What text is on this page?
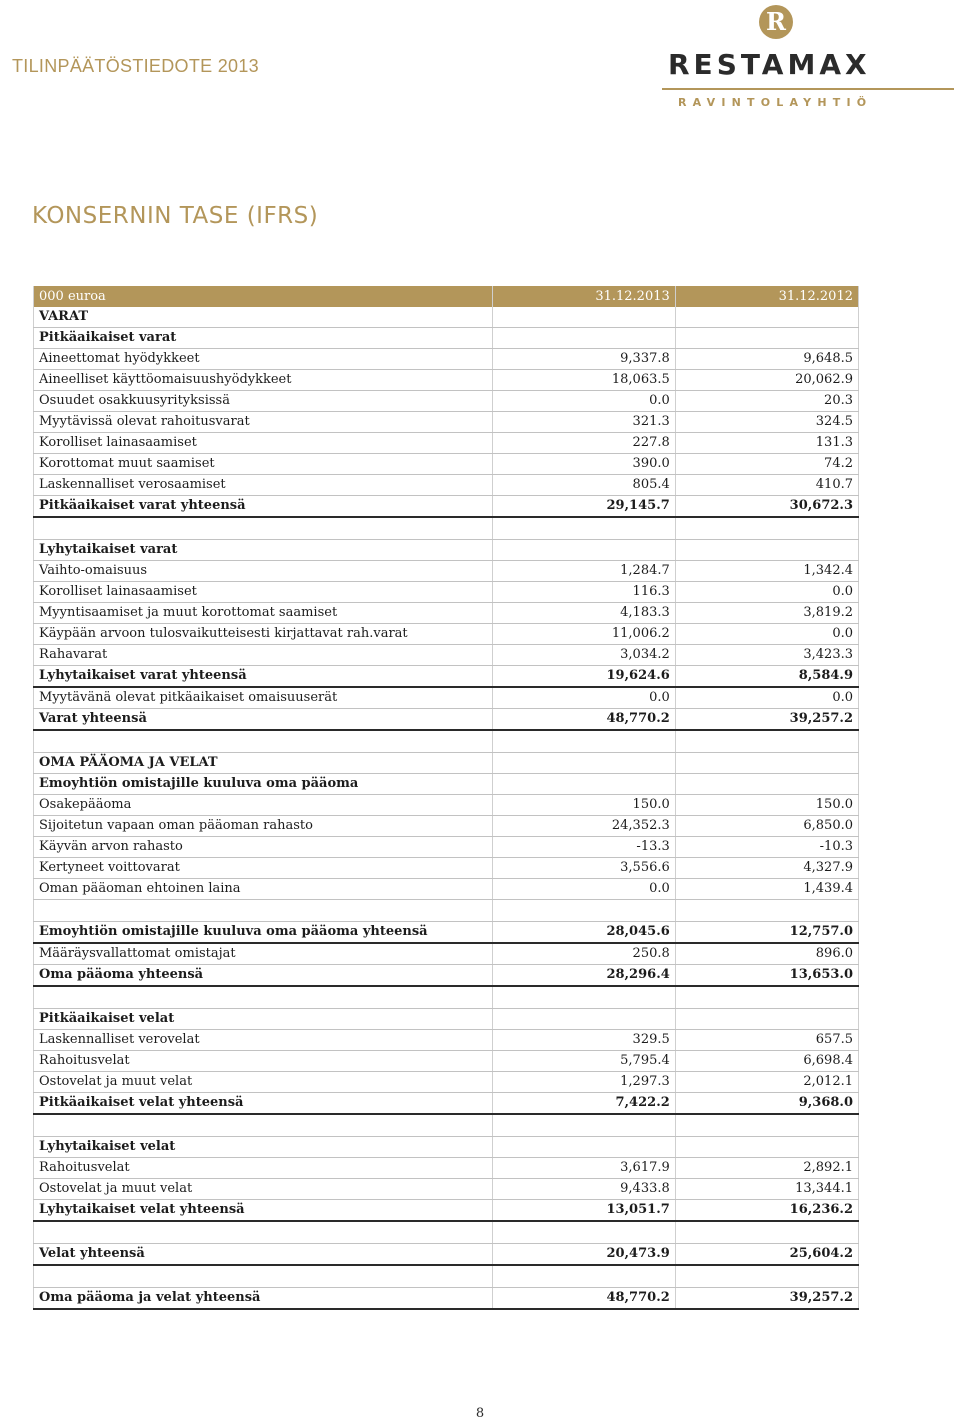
TILINPÄÄTÖSTIEDOTE 2013
R
RESTAMAX
RAVINTOLAYHTIÖ
KONSERNIN TASE (IFRS)
000 euroa	31.12.2013	31.12.2012
VARAT		
Pitkäaikaiset varat		
Aineettomat hyödykkeet	9,337.8	9,648.5
Aineelliset käyttöomaisuushyödykkeet	18,063.5	20,062.9
Osuudet osakkuusyrityksissä	0.0	20.3
Myytävissä olevat rahoitusvarat	321.3	324.5
Korolliset lainasaamiset	227.8	131.3
Korottomat muut saamiset	390.0	74.2
Laskennalliset verosaamiset	805.4	410.7
Pitkäaikaiset varat yhteensä	29,145.7	30,672.3

Lyhytaikaiset varat		
Vaihto-omaisuus	1,284.7	1,342.4
Korolliset lainasaamiset	116.3	0.0
Myyntisaamiset ja muut korottomat saamiset	4,183.3	3,819.2
Käypään arvoon tulosvaikutteisesti kirjattavat rah.varat	11,006.2	0.0
Rahavarat	3,034.2	3,423.3
Lyhytaikaiset varat yhteensä	19,624.6	8,584.9
Myytävänä olevat pitkäaikaiset omaisuuserät	0.0	0.0
Varat yhteensä	48,770.2	39,257.2

OMA PÄÄOMA JA VELAT		
Emoyhtiön omistajille kuuluva oma pääoma		
Osakepääoma	150.0	150.0
Sijoitetun vapaan oman pääoman rahasto	24,352.3	6,850.0
Käyvän arvon rahasto	-13.3	-10.3
Kertyneet voittovarat	3,556.6	4,327.9
Oman pääoman ehtoinen laina	0.0	1,439.4

Emoyhtiön omistajille kuuluva oma pääoma yhteensä	28,045.6	12,757.0
Määräysvallattomat omistajat	250.8	896.0
Oma pääoma yhteensä	28,296.4	13,653.0

Pitkäaikaiset velat		
Laskennalliset verovelat	329.5	657.5
Rahoitusvelat	5,795.4	6,698.4
Ostovelat ja muut velat	1,297.3	2,012.1
Pitkäaikaiset velat yhteensä	7,422.2	9,368.0

Lyhytaikaiset velat		
Rahoitusvelat	3,617.9	2,892.1
Ostovelat ja muut velat	9,433.8	13,344.1
Lyhytaikaiset velat yhteensä	13,051.7	16,236.2

Velat yhteensä	20,473.9	25,604.2

Oma pääoma ja velat yhteensä	48,770.2	39,257.2
8
